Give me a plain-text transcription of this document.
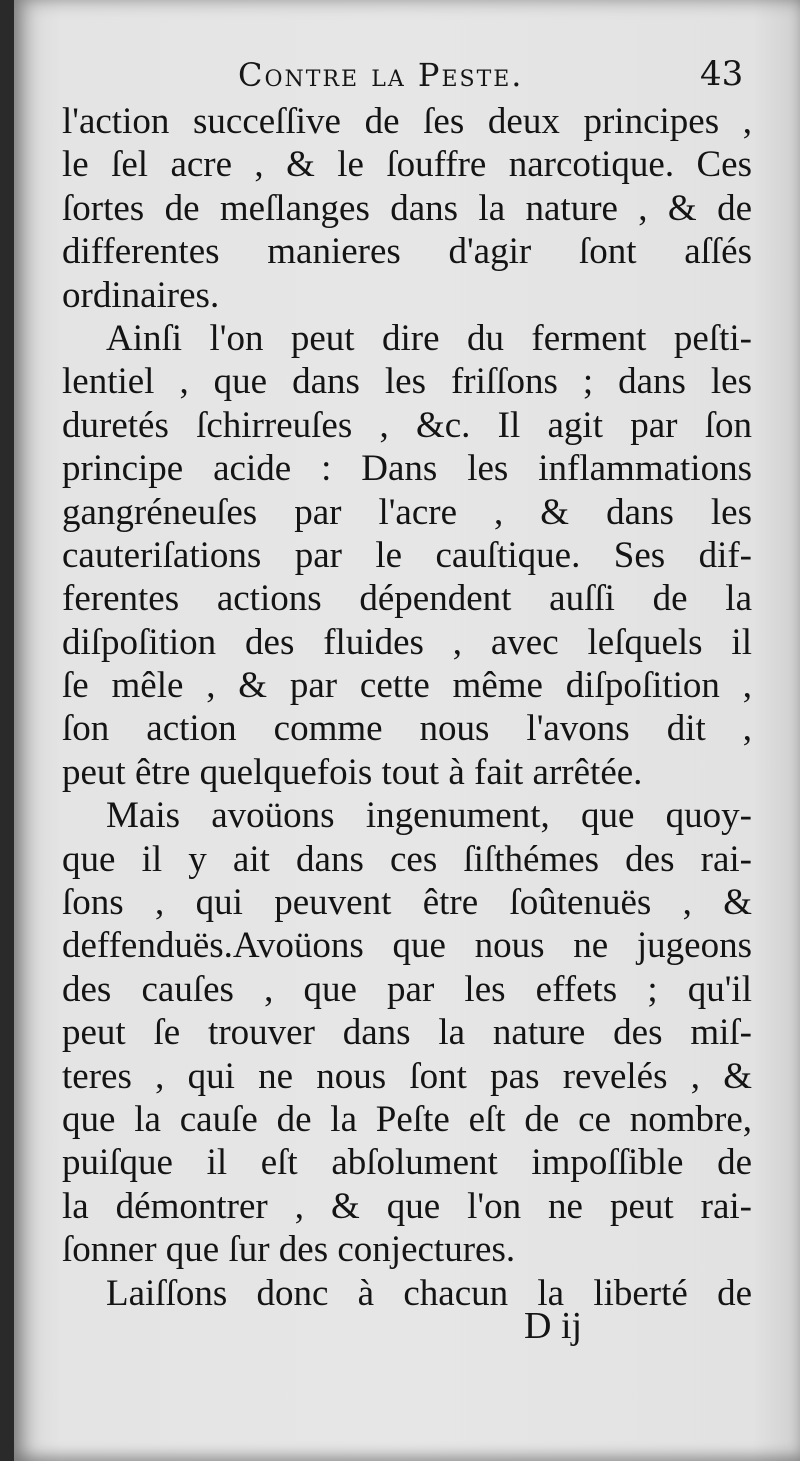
Contre la Peste.	43
l'action succeſſive de ſes deux principes ,
le ſel acre , & le ſouffre narcotique. Ces
ſortes de meſlanges dans la nature , & de
differentes manieres d'agir ſont aſſés
ordinaires.
Ainſi l'on peut dire du ferment peſti-
lentiel , que dans les friſſons ; dans les
duretés ſchirreuſes , &c. Il agit par ſon
principe acide : Dans les inflammations
gangréneuſes par l'acre , & dans les
cauteriſations par le cauſtique. Ses dif-
ferentes actions dépendent auſſi de la
diſpoſition des fluides , avec leſquels il
ſe mêle , & par cette même diſpoſition ,
ſon action comme nous l'avons dit ,
peut être quelquefois tout à fait arrêtée.
Mais avoüons ingenument, que quoy-
que il y ait dans ces ſiſthémes des rai-
ſons , qui peuvent être ſoûtenuës , &
deffenduës.Avoüons que nous ne jugeons
des cauſes , que par les effets ; qu'il
peut ſe trouver dans la nature des miſ-
teres , qui ne nous ſont pas revelés , &
que la cauſe de la Peſte eſt de ce nombre,
puiſque il eſt abſolument impoſſible de
la démontrer , & que l'on ne peut rai-
ſonner que ſur des conjectures.
Laiſſons donc à chacun la liberté de
D ij
